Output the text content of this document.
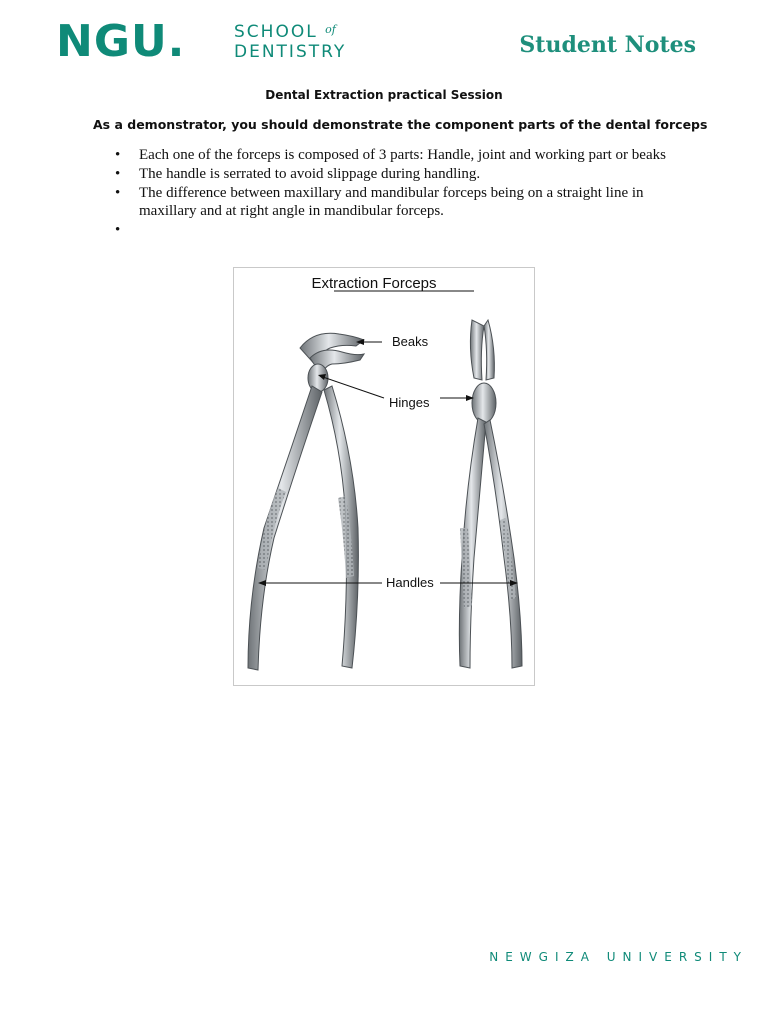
NGU.	SCHOOL $^{of}$
DENTISTRY	Student Notes
Dental Extraction practical Session
As a demonstrator, you should demonstrate the component parts of the dental forceps
• Each one of the forceps is composed of 3 parts: Handle, joint and working part or beaks
• The handle is serrated to avoid slippage during handling.
• The difference between maxillary and mandibular forceps being on a straight line in maxillary and at right angle in mandibular forceps.
•
Extraction Forceps
Beaks
Hinges
Handles
NEWGIZA UNIVERSITY
